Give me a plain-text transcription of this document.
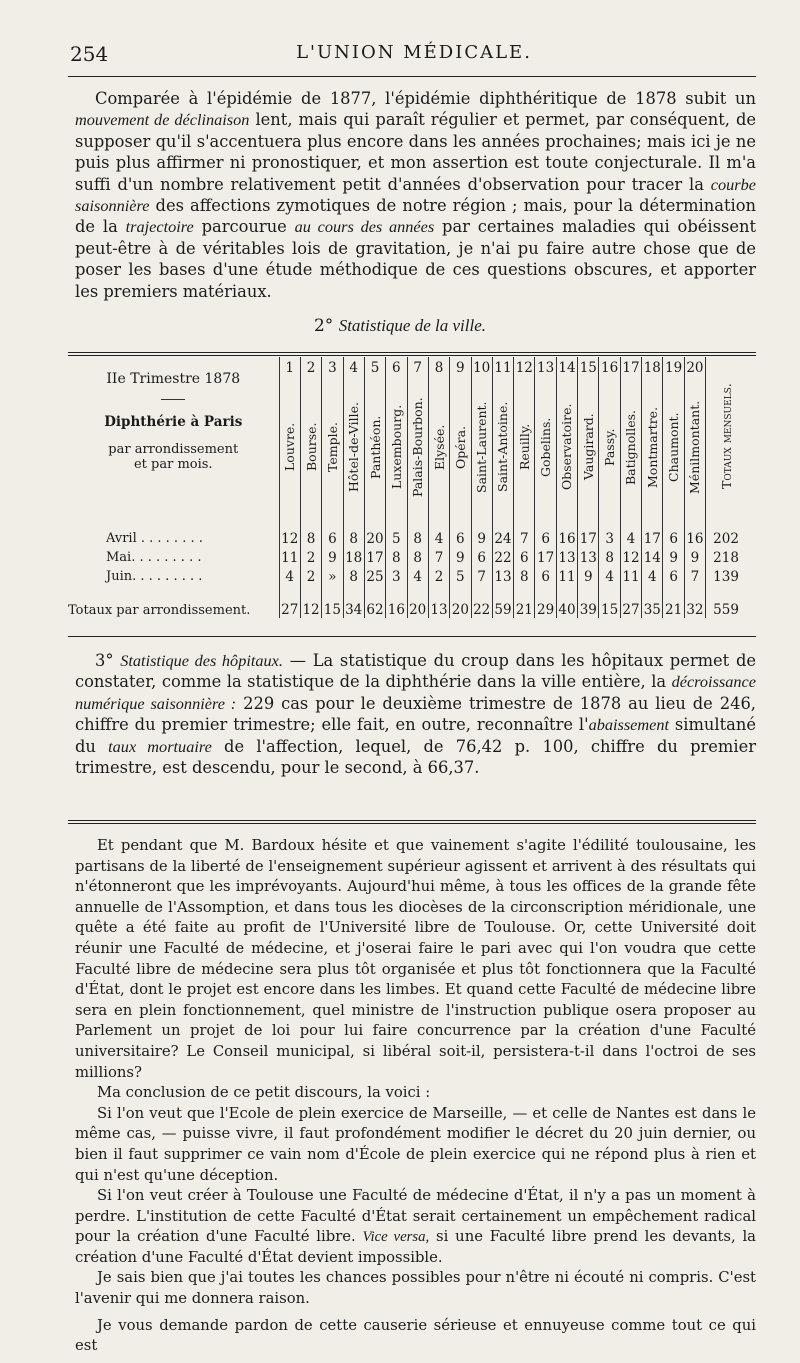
254	L'UNION MÉDICALE.

Comparée à l'épidémie de 1877, l'épidémie diphthéritique de 1878 subit un mouvement de déclinaison lent, mais qui paraît régulier et permet, par conséquent, de supposer qu'il s'accentuera plus encore dans les années prochaines; mais ici je ne puis plus affirmer ni pronostiquer, et mon assertion est toute conjecturale. Il m'a suffi d'un nombre relativement petit d'années d'observation pour tracer la courbe saisonnière des affections zymotiques de notre région ; mais, pour la détermination de la trajectoire parcourue au cours des années par certaines maladies qui obéissent peut-être à de véritables lois de gravitation, je n'ai pu faire autre chose que de poser les bases d'une étude méthodique de ces questions obscures, et apporter les premiers matériaux.

2° Statistique de la ville.
IIe Trimestre 1878
Diphthérie à Paris
par arrondissement
et par mois.	1	2	3	4	5	6	7	8	9	10	11	12	13	14	15	16	17	18	19	20	Totaux mensuels.
	Louvre.	Bourse.	Temple.	Hôtel-de-Ville.	Panthéon.	Luxembourg.	Palais-Bourbon.	Elysée.	Opéra.	Saint-Laurent.	Saint-Antoine.	Reuilly.	Gobelins.	Observatoire.	Vaugirard.	Passy.	Batignolles.	Montmartre.	Chaumont.	Ménilmontant.	

Avril . . . . . . . .	12	8	6	8	20	5	8	4	6	9	24	7	6	16	17	3	4	17	6	16	202
Mai. . . . . . . . .	11	2	9	18	17	8	8	7	9	6	22	6	17	13	13	8	12	14	9	9	218
Juin. . . . . . . . .	4	2	»	8	25	3	4	2	5	7	13	8	6	11	9	4	11	4	6	7	139
Totaux par arrondissement.	27	12	15	34	62	16	20	13	20	22	59	21	29	40	39	15	27	35	21	32	559

3° Statistique des hôpitaux. — La statistique du croup dans les hôpitaux permet de constater, comme la statistique de la diphthérie dans la ville entière, la décroissance numérique saisonnière : 229 cas pour le deuxième trimestre de 1878 au lieu de 246, chiffre du premier trimestre; elle fait, en outre, reconnaître l'abaissement simultané du taux mortuaire de l'affection, lequel, de 76,42 p. 100, chiffre du premier trimestre, est descendu, pour le second, à 66,37.

Et pendant que M. Bardoux hésite et que vainement s'agite l'édilité toulousaine, les partisans de la liberté de l'enseignement supérieur agissent et arrivent à des résultats qui n'étonneront que les imprévoyants. Aujourd'hui même, à tous les offices de la grande fête annuelle de l'Assomption, et dans tous les diocèses de la circonscription méridionale, une quête a été faite au profit de l'Université libre de Toulouse. Or, cette Université doit réunir une Faculté de médecine, et j'oserai faire le pari avec qui l'on voudra que cette Faculté libre de médecine sera plus tôt organisée et plus tôt fonctionnera que la Faculté d'État, dont le projet est encore dans les limbes. Et quand cette Faculté de médecine libre sera en plein fonctionnement, quel ministre de l'instruction publique osera proposer au Parlement un projet de loi pour lui faire concurrence par la création d'une Faculté universitaire? Le Conseil municipal, si libéral soit-il, persistera-t-il dans l'octroi de ses millions?

Ma conclusion de ce petit discours, la voici :

Si l'on veut que l'Ecole de plein exercice de Marseille, — et celle de Nantes est dans le même cas, — puisse vivre, il faut profondément modifier le décret du 20 juin dernier, ou bien il faut supprimer ce vain nom d'École de plein exercice qui ne répond plus à rien et qui n'est qu'une déception.

Si l'on veut créer à Toulouse une Faculté de médecine d'État, il n'y a pas un moment à perdre. L'institution de cette Faculté d'État serait certainement un empêchement radical pour la création d'une Faculté libre. Vice versa, si une Faculté libre prend les devants, la création d'une Faculté d'État devient impossible.

Je sais bien que j'ai toutes les chances possibles pour n'être ni écouté ni compris. C'est l'avenir qui me donnera raison.

Je vous demande pardon de cette causerie sérieuse et ennuyeuse comme tout ce qui est
